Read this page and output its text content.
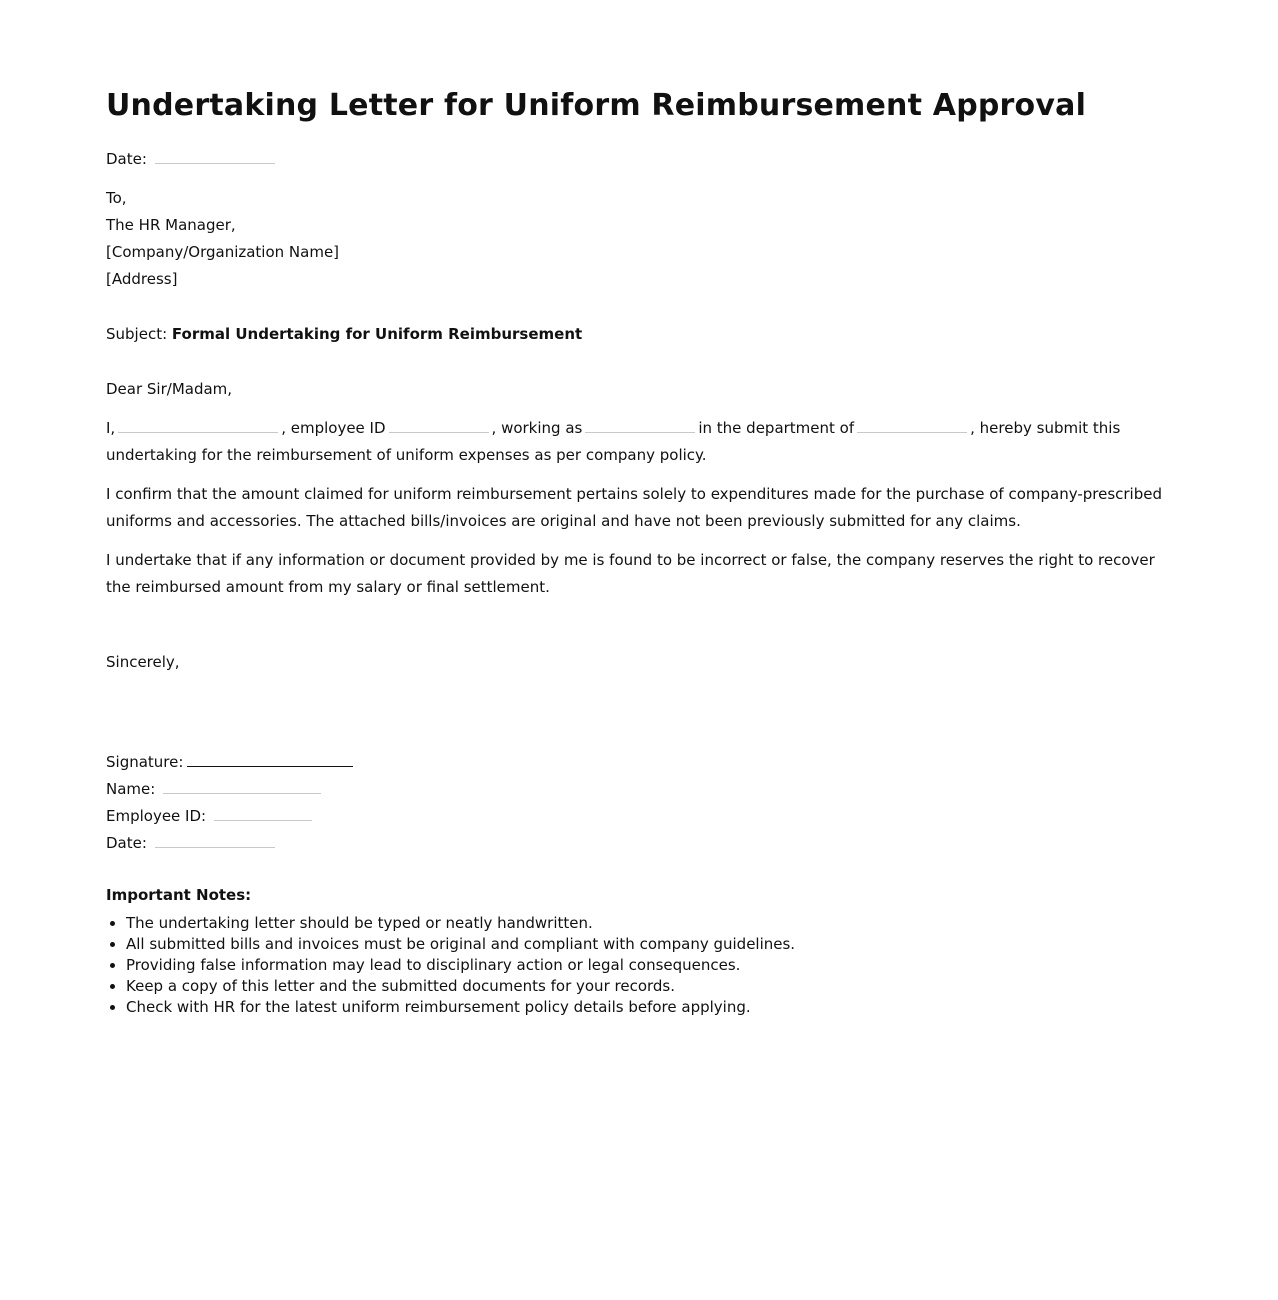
Undertaking Letter for Uniform Reimbursement Approval
Date:
To,
The HR Manager,
[Company/Organization Name]
[Address]
Subject: Formal Undertaking for Uniform Reimbursement
Dear Sir/Madam,

I,	, employee ID	, working as	in the department of	, hereby submit this undertaking for the reimbursement of uniform expenses as per company policy.

I confirm that the amount claimed for uniform reimbursement pertains solely to expenditures made for the purchase of company-prescribed uniforms and accessories. The attached bills/invoices are original and have not been previously submitted for any claims.

I undertake that if any information or document provided by me is found to be incorrect or false, the company reserves the right to recover the reimbursed amount from my salary or final settlement.

Sincerely,
Signature:
Name:
Employee ID:
Date:
Important Notes:
• The undertaking letter should be typed or neatly handwritten.
• All submitted bills and invoices must be original and compliant with company guidelines.
• Providing false information may lead to disciplinary action or legal consequences.
• Keep a copy of this letter and the submitted documents for your records.
• Check with HR for the latest uniform reimbursement policy details before applying.
